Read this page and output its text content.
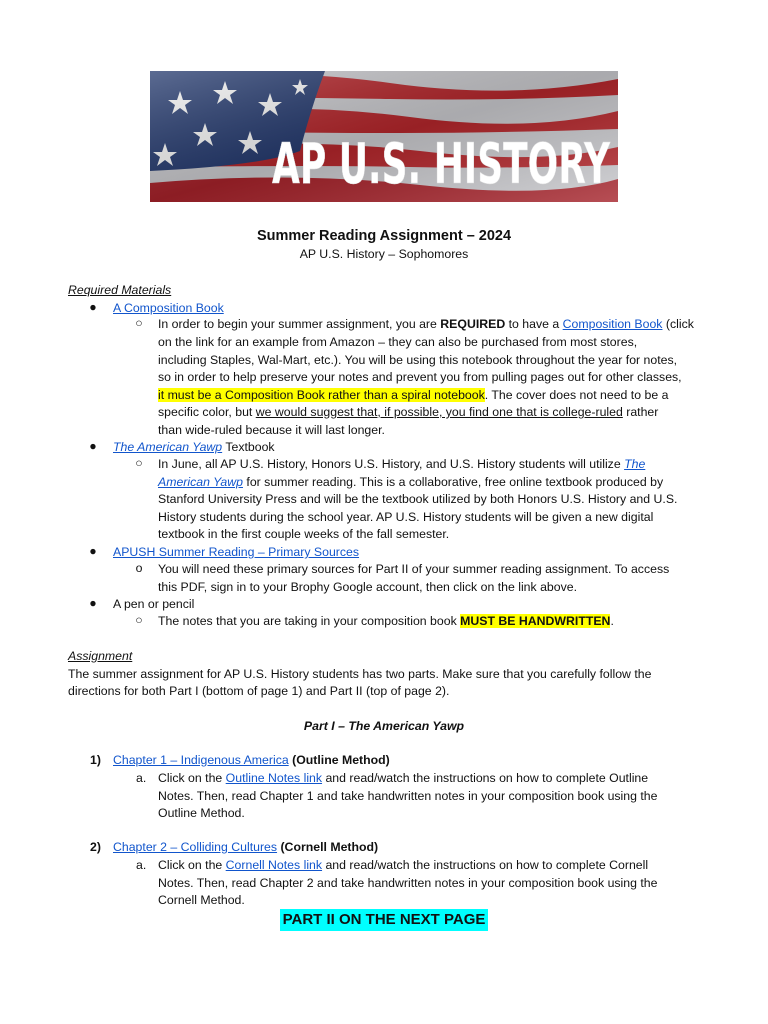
AP U.S. HISTORY
Summer Reading Assignment – 2024
AP U.S. History – Sophomores
Required Materials
● A Composition Book
○ In order to begin your summer assignment, you are REQUIRED to have a Composition Book (click
on the link for an example from Amazon – they can also be purchased from most stores,
including Staples, Wal-Mart, etc.). You will be using this notebook throughout the year for notes,
so in order to help preserve your notes and prevent you from pulling pages out for other classes,
it must be a Composition Book rather than a spiral notebook. The cover does not need to be a
specific color, but we would suggest that, if possible, you find one that is college-ruled rather
than wide-ruled because it will last longer.
● The American Yawp Textbook
○ In June, all AP U.S. History, Honors U.S. History, and U.S. History students will utilize The
American Yawp for summer reading. This is a collaborative, free online textbook produced by
Stanford University Press and will be the textbook utilized by both Honors U.S. History and U.S.
History students during the school year. AP U.S. History students will be given a new digital
textbook in the first couple weeks of the fall semester.
● APUSH Summer Reading – Primary Sources
o You will need these primary sources for Part II of your summer reading assignment. To access
this PDF, sign in to your Brophy Google account, then click on the link above.
● A pen or pencil
○ The notes that you are taking in your composition book MUST BE HANDWRITTEN.
Assignment
The summer assignment for AP U.S. History students has two parts. Make sure that you carefully follow the
directions for both Part I (bottom of page 1) and Part II (top of page 2).
Part I – The American Yawp
1) Chapter 1 – Indigenous America (Outline Method)
a. Click on the Outline Notes link and read/watch the instructions on how to complete Outline
Notes. Then, read Chapter 1 and take handwritten notes in your composition book using the
Outline Method.
2) Chapter 2 – Colliding Cultures (Cornell Method)
a. Click on the Cornell Notes link and read/watch the instructions on how to complete Cornell
Notes. Then, read Chapter 2 and take handwritten notes in your composition book using the
Cornell Method.
PART II ON THE NEXT PAGE
